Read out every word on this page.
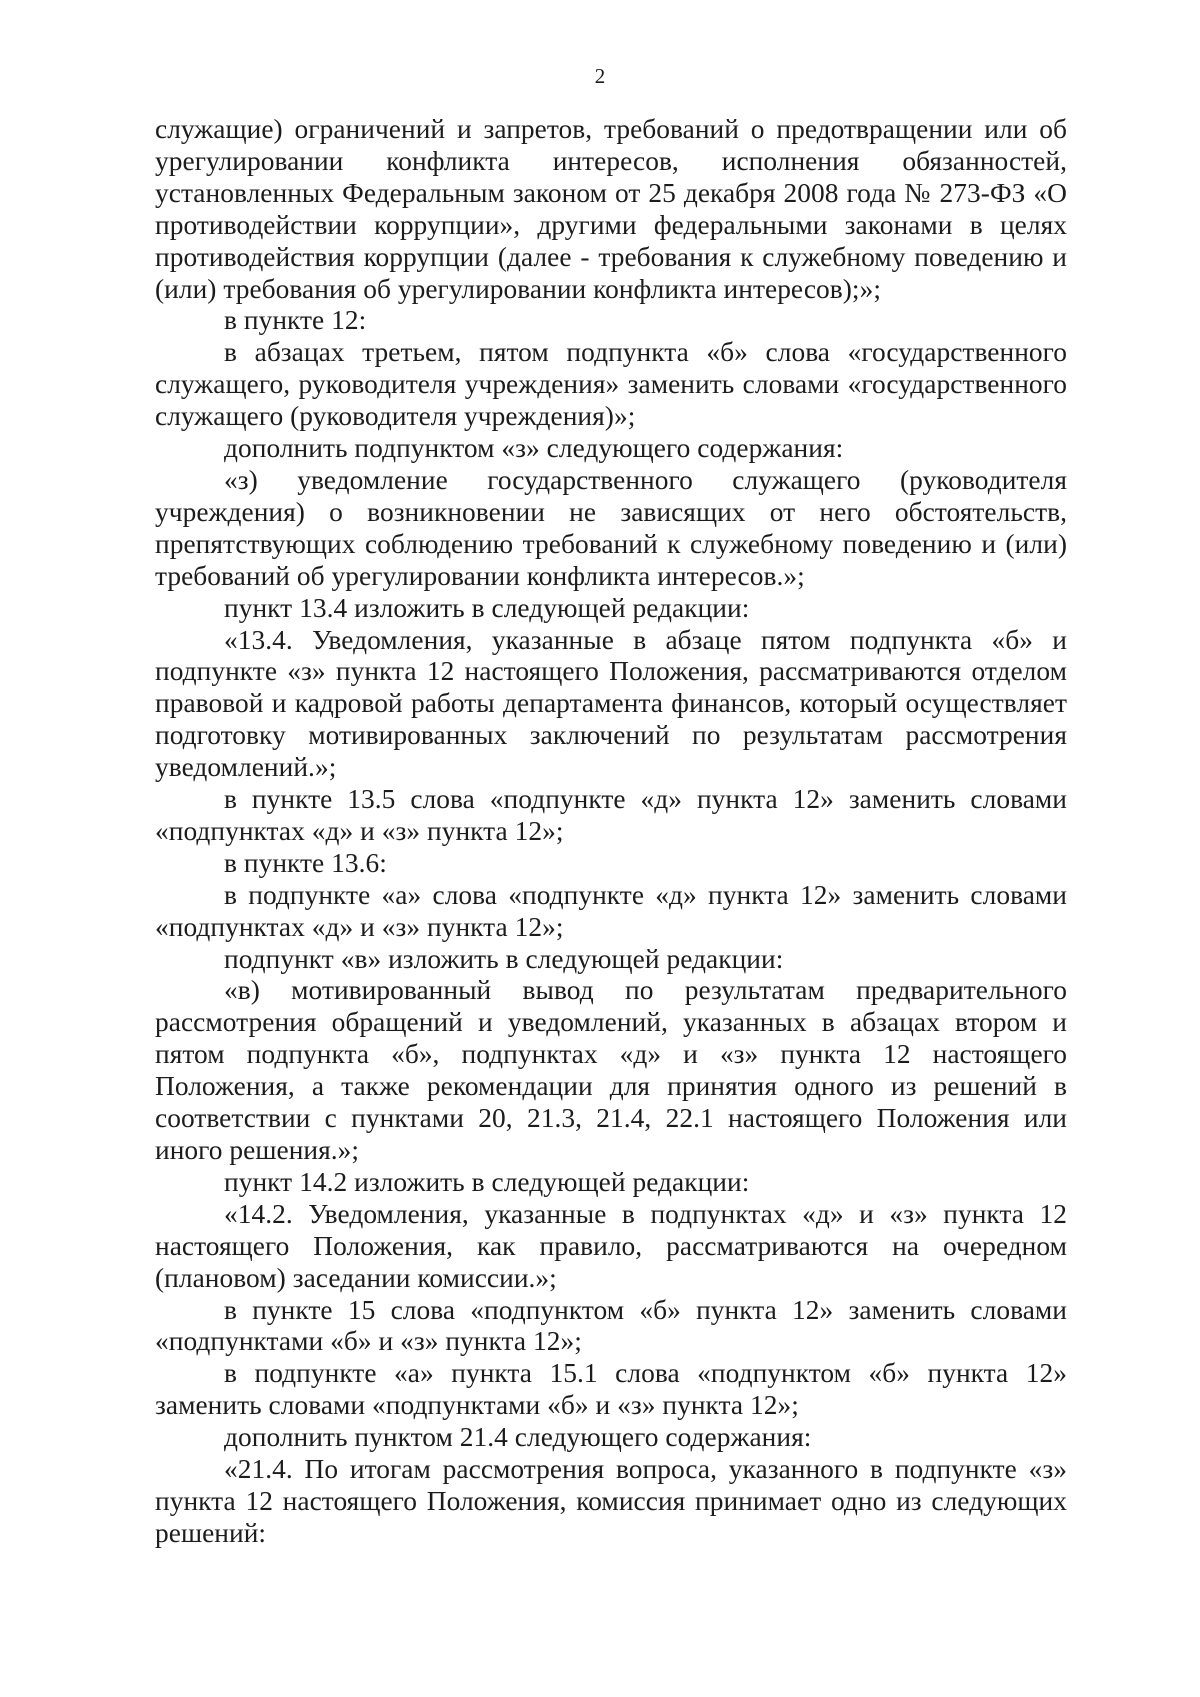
2

служащие) ограничений и запретов, требований о предотвращении или об урегулировании конфликта интересов, исполнения обязанностей, установленных Федеральным законом от 25 декабря 2008 года № 273-ФЗ «О противодействии коррупции», другими федеральными законами в целях противодействия коррупции (далее - требования к служебному поведению и (или) требования об урегулировании конфликта интересов);»;

в пункте 12:

в абзацах третьем, пятом подпункта «б» слова «государственного служащего, руководителя учреждения» заменить словами «государственного служащего (руководителя учреждения)»;

дополнить подпунктом «з» следующего содержания:

«з) уведомление государственного служащего (руководителя учреждения) о возникновении не зависящих от него обстоятельств, препятствующих соблюдению требований к служебному поведению и (или) требований об урегулировании конфликта интересов.»;

пункт 13.4 изложить в следующей редакции:

«13.4. Уведомления, указанные в абзаце пятом подпункта «б» и подпункте «з» пункта 12 настоящего Положения, рассматриваются отделом правовой и кадровой работы департамента финансов, который осуществляет подготовку мотивированных заключений по результатам рассмотрения уведомлений.»;

в пункте 13.5 слова «подпункте «д» пункта 12» заменить словами «подпунктах «д» и «з» пункта 12»;

в пункте 13.6:

в подпункте «а» слова «подпункте «д» пункта 12» заменить словами «подпунктах «д» и «з» пункта 12»;

подпункт «в» изложить в следующей редакции:

«в) мотивированный вывод по результатам предварительного рассмотрения обращений и уведомлений, указанных в абзацах втором и пятом подпункта «б», подпунктах «д» и «з» пункта 12 настоящего Положения, а также рекомендации для принятия одного из решений в соответствии с пунктами 20, 21.3, 21.4, 22.1 настоящего Положения или иного решения.»;

пункт 14.2 изложить в следующей редакции:

«14.2. Уведомления, указанные в подпунктах «д» и «з» пункта 12 настоящего Положения, как правило, рассматриваются на очередном (плановом) заседании комиссии.»;

в пункте 15 слова «подпунктом «б» пункта 12» заменить словами «подпунктами «б» и «з» пункта 12»;

в подпункте «а» пункта 15.1 слова «подпунктом «б» пункта 12» заменить словами «подпунктами «б» и «з» пункта 12»;

дополнить пунктом 21.4 следующего содержания:

«21.4. По итогам рассмотрения вопроса, указанного в подпункте «з» пункта 12 настоящего Положения, комиссия принимает одно из следующих решений:
